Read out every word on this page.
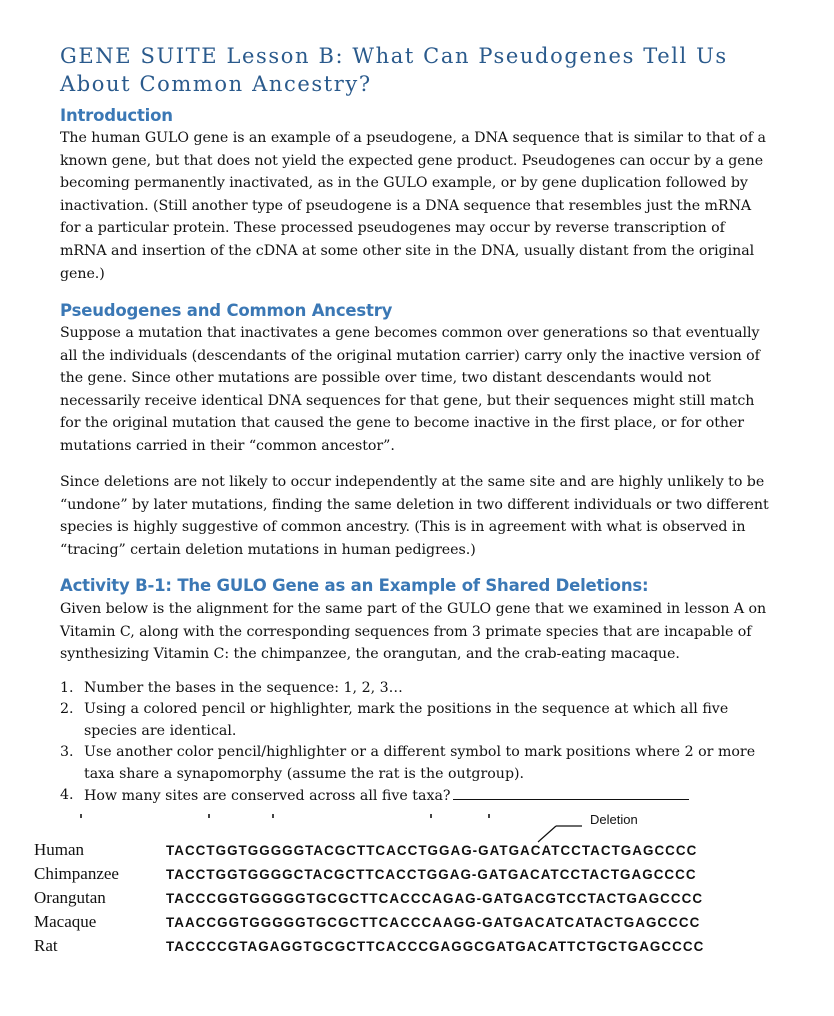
GENE SUITE Lesson B: What Can Pseudogenes Tell Us About Common Ancestry?
Introduction

The human GULO gene is an example of a pseudogene, a DNA sequence that is similar to that of a known gene, but that does not yield the expected gene product. Pseudogenes can occur by a gene becoming permanently inactivated, as in the GULO example, or by gene duplication followed by inactivation. (Still another type of pseudogene is a DNA sequence that resembles just the mRNA for a particular protein. These processed pseudogenes may occur by reverse transcription of mRNA and insertion of the cDNA at some other site in the DNA, usually distant from the original gene.)

Pseudogenes and Common Ancestry

Suppose a mutation that inactivates a gene becomes common over generations so that eventually all the individuals (descendants of the original mutation carrier) carry only the inactive version of the gene. Since other mutations are possible over time, two distant descendants would not necessarily receive identical DNA sequences for that gene, but their sequences might still match for the original mutation that caused the gene to become inactive in the first place, or for other mutations carried in their “common ancestor”.

Since deletions are not likely to occur independently at the same site and are highly unlikely to be “undone” by later mutations, finding the same deletion in two different individuals or two different species is highly suggestive of common ancestry. (This is in agreement with what is observed in “tracing” certain deletion mutations in human pedigrees.)

Activity B-1: The GULO Gene as an Example of Shared Deletions:

Given below is the alignment for the same part of the GULO gene that we examined in lesson A on Vitamin C, along with the corresponding sequences from 3 primate species that are incapable of synthesizing Vitamin C: the chimpanzee, the orangutan, and the crab-eating macaque.

1. Number the bases in the sequence: 1, 2, 3…
2. Using a colored pencil or highlighter, mark the positions in the sequence at which all five species are identical.
3. Use another color pencil/highlighter or a different symbol to mark positions where 2 or more taxa share a synapomorphy (assume the rat is the outgroup).
4. How many sites are conserved across all five taxa?
Deletion
Human	TACCTGGTGGGGGTACGCTTCACCTGGAG-GATGACATCCTACTGAGCCCC
Chimpanzee	TACCTGGTGGGGCTACGCTTCACCTGGAG-GATGACATCCTACTGAGCCCC
Orangutan	TACCCGGTGGGGGTGCGCTTCACCCAGAG-GATGACGTCCTACTGAGCCCC
Macaque	TAACCGGTGGGGGTGCGCTTCACCCAAGG-GATGACATCATACTGAGCCCC
Rat	TACCCCGTAGAGGTGCGCTTCACCCGAGGCGATGACATTCTGCTGAGCCCC
